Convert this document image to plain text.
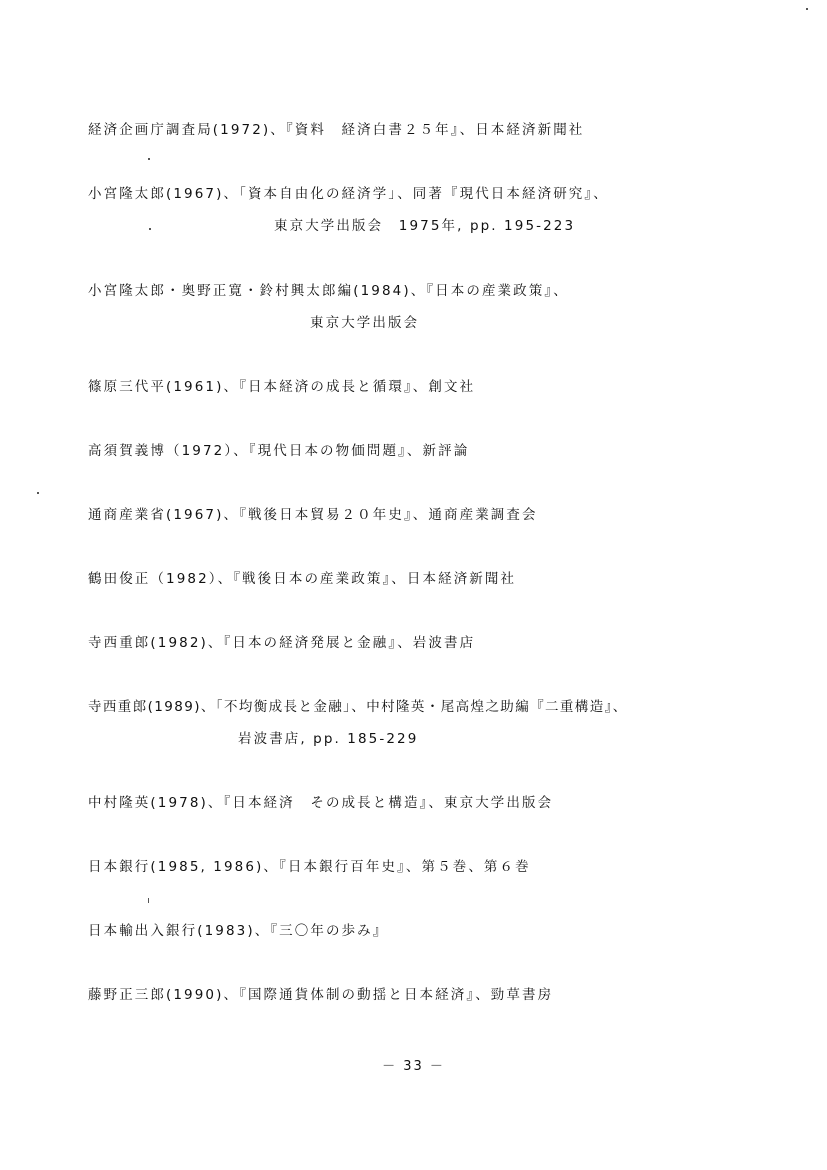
経済企画庁調査局(1972)、『資料　経済白書２５年』、日本経済新聞社
小宮隆太郎(1967)、「資本自由化の経済学」、同著『現代日本経済研究』、
東京大学出版会　1975年, pp. 195-223
小宮隆太郎・奥野正寛・鈴村興太郎編(1984)、『日本の産業政策』、
東京大学出版会
篠原三代平(1961)、『日本経済の成長と循環』、創文社
高須賀義博（1972）、『現代日本の物価問題』、新評論
通商産業省(1967)、『戦後日本貿易２０年史』、通商産業調査会
鶴田俊正（1982）、『戦後日本の産業政策』、日本経済新聞社
寺西重郎(1982)、『日本の経済発展と金融』、岩波書店
寺西重郎(1989)、「不均衡成長と金融」、中村隆英・尾高煌之助編『二重構造』、
岩波書店, pp. 185-229
中村隆英(1978)、『日本経済　その成長と構造』、東京大学出版会
日本銀行(1985, 1986)、『日本銀行百年史』、第５巻、第６巻
日本輸出入銀行(1983)、『三〇年の歩み』
藤野正三郎(1990)、『国際通貨体制の動揺と日本経済』、勁草書房
－ 33 －
